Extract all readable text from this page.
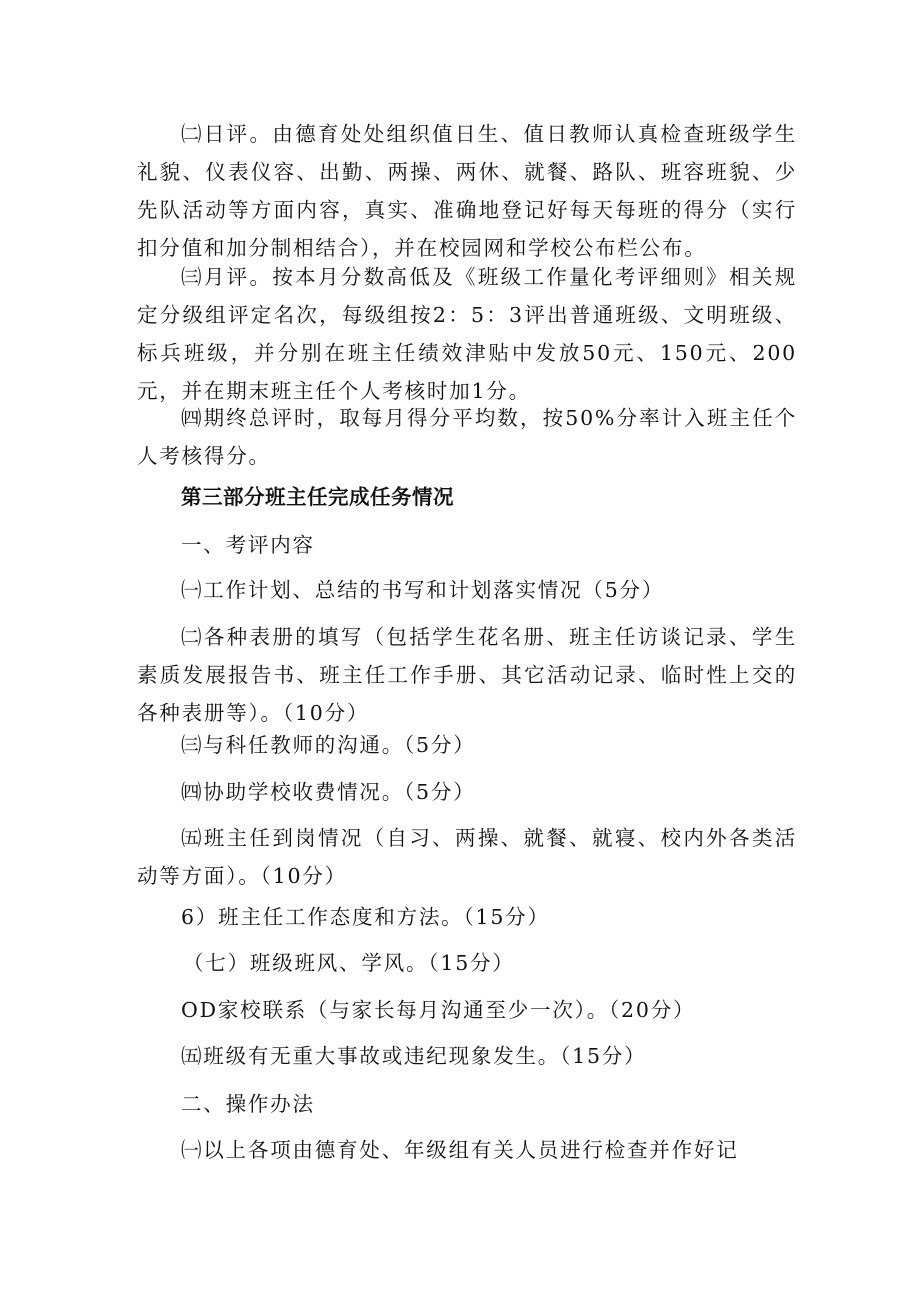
㈡日评。由德育处处组织值日生、值日教师认真检查班级学生礼貌、仪表仪容、出勤、两操、两休、就餐、路队、班容班貌、少先队活动等方面内容，真实、准确地登记好每天每班的得分（实行扣分值和加分制相结合），并在校园网和学校公布栏公布。

㈢月评。按本月分数高低及《班级工作量化考评细则》相关规定分级组评定名次，每级组按2：5：3评出普通班级、文明班级、标兵班级，并分别在班主任绩效津贴中发放50元、150元、200元，并在期末班主任个人考核时加1分。

㈣期终总评时，取每月得分平均数，按50%分率计入班主任个人考核得分。

第三部分班主任完成任务情况

一、考评内容

㈠工作计划、总结的书写和计划落实情况（5分）

㈡各种表册的填写（包括学生花名册、班主任访谈记录、学生素质发展报告书、班主任工作手册、其它活动记录、临时性上交的各种表册等）。（10分）

㈢与科任教师的沟通。（5分）

㈣协助学校收费情况。（5分）

㈤班主任到岗情况（自习、两操、就餐、就寝、校内外各类活动等方面）。（10分）

6）班主任工作态度和方法。（15分）

（七）班级班风、学风。（15分）

OD家校联系（与家长每月沟通至少一次）。（20分）

㈤班级有无重大事故或违纪现象发生。（15分）

二、操作办法

㈠以上各项由德育处、年级组有关人员进行检查并作好记
